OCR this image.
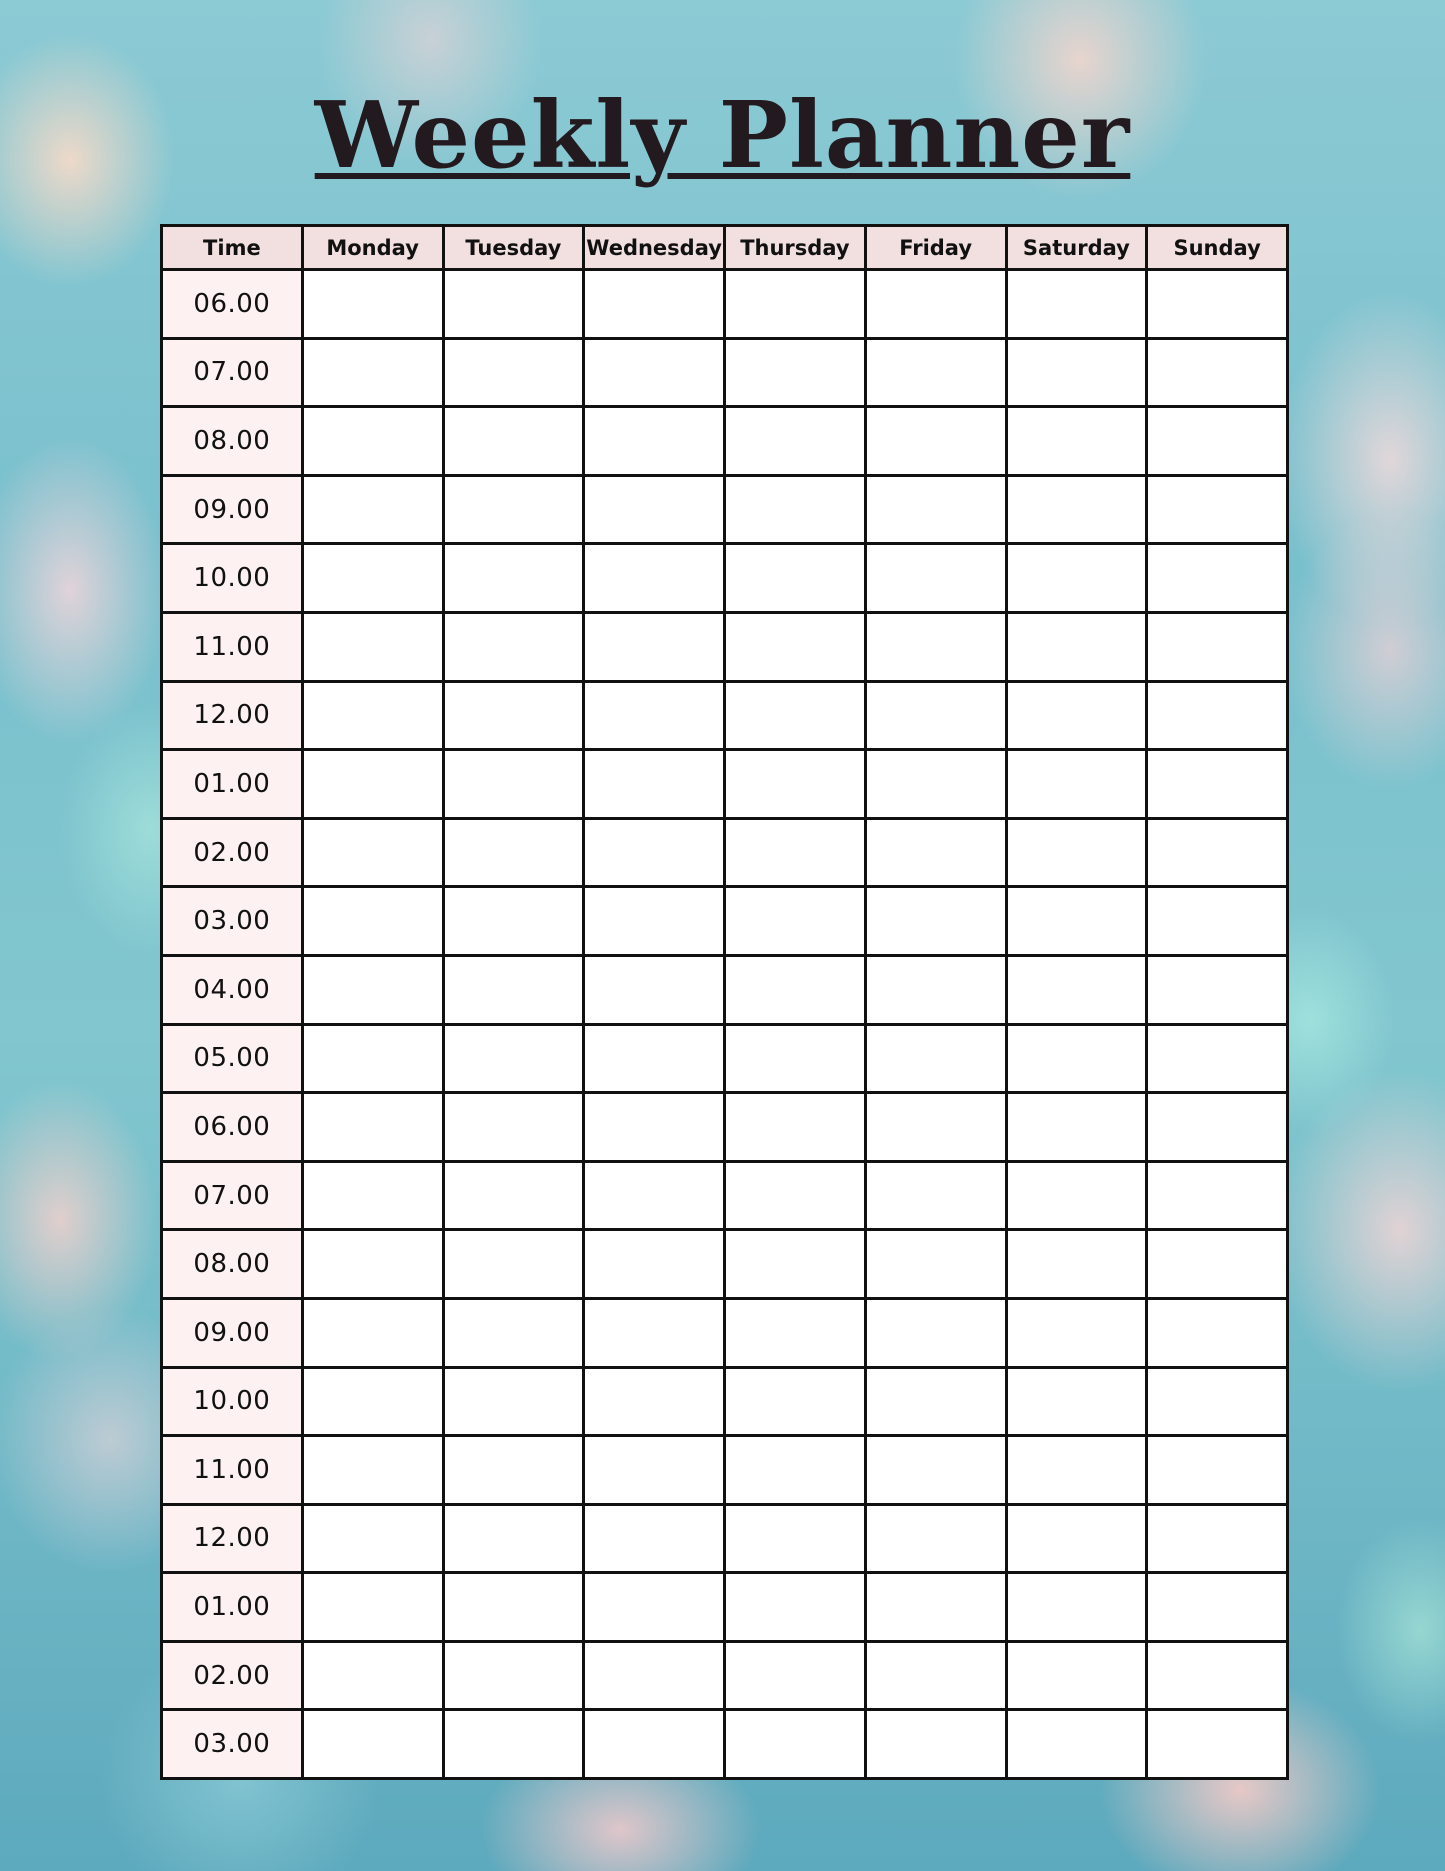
Weekly Planner
Time	Monday	Tuesday	Wednesday	Thursday	Friday	Saturday	Sunday
06.00							
07.00							
08.00							
09.00							
10.00							
11.00							
12.00							
01.00							
02.00							
03.00							
04.00							
05.00							
06.00							
07.00							
08.00							
09.00							
10.00							
11.00							
12.00							
01.00							
02.00							
03.00							
